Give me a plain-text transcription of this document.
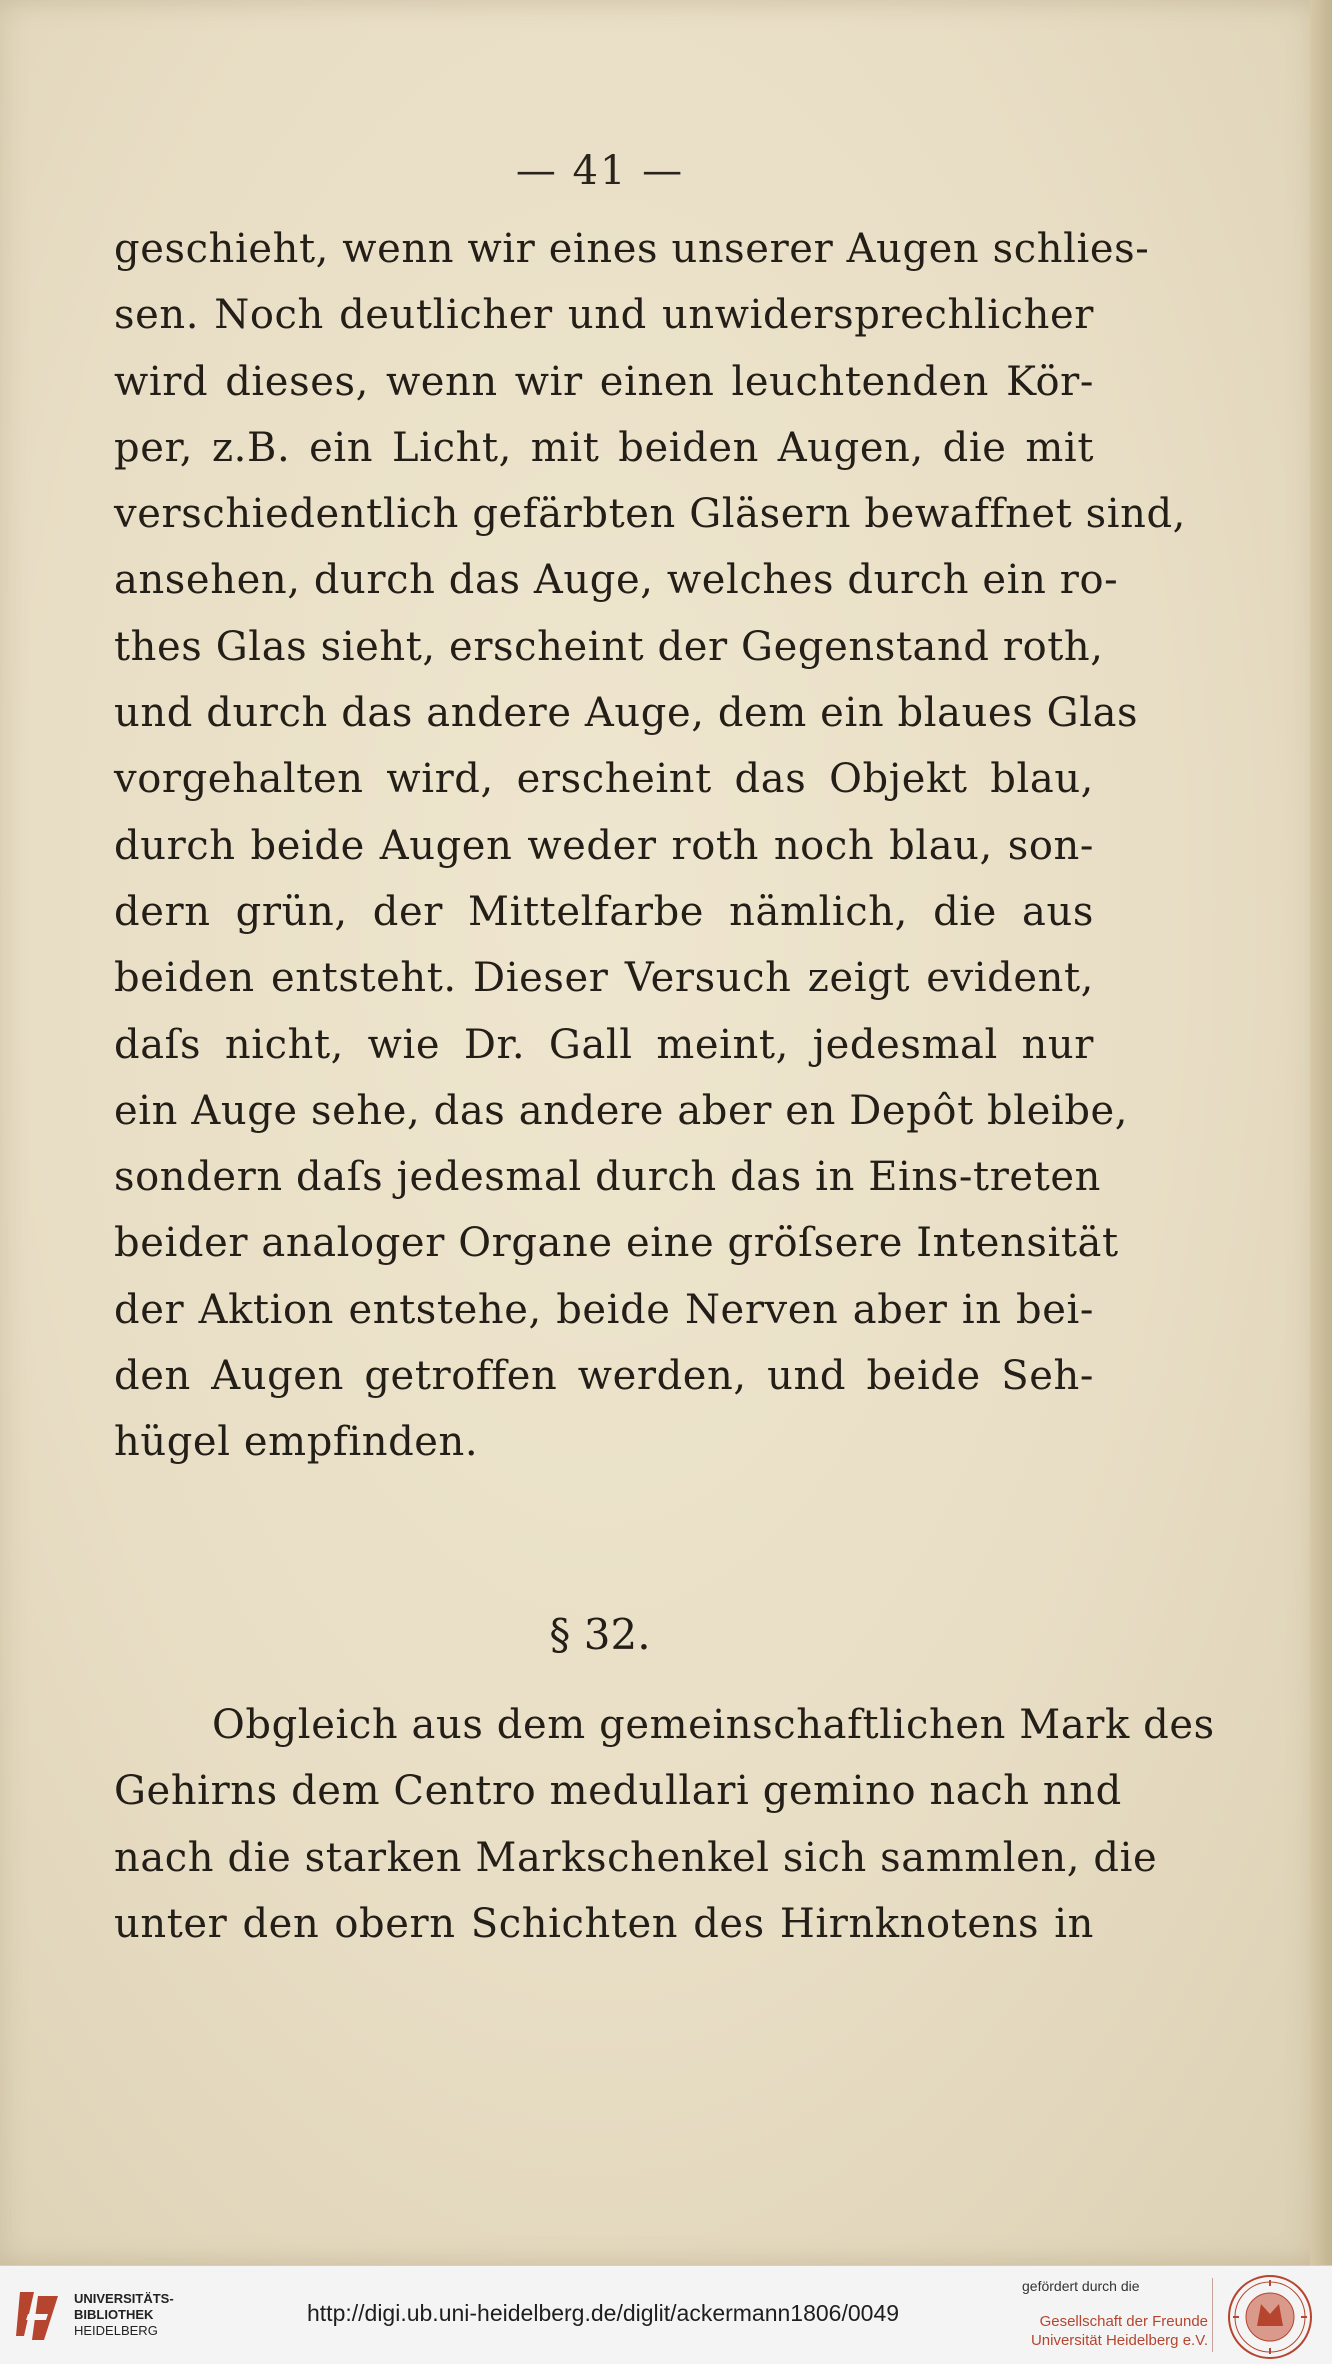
— 41 —
geschieht, wenn wir eines unserer Augen schlies-
sen. Noch deutlicher und unwidersprechlicher
wird dieses, wenn wir einen leuchtenden Kör-
per, z.B. ein Licht, mit beiden Augen, die mit
verschiedentlich gefärbten Gläsern bewaffnet sind,
ansehen, durch das Auge, welches durch ein ro-
thes Glas sieht, erscheint der Gegenstand roth,
und durch das andere Auge, dem ein blaues Glas
vorgehalten wird, erscheint das Objekt blau,
durch beide Augen weder roth noch blau, son-
dern grün, der Mittelfarbe nämlich, die aus
beiden entsteht. Dieser Versuch zeigt evident,
daſs nicht, wie Dr. Gall meint, jedesmal nur
ein Auge sehe, das andere aber en Depôt bleibe,
sondern daſs jedesmal durch das in Eins-treten
beider analoger Organe eine gröſsere Intensität
der Aktion entstehe, beide Nerven aber in bei-
den Augen getroffen werden, und beide Seh-
hügel empfinden.
§ 32.
Obgleich aus dem gemeinschaftlichen Mark des
Gehirns dem Centro medullari gemino nach nnd
nach die starken Markschenkel sich sammlen, die
unter den obern Schichten des Hirnknotens in
UNIVERSITÄTS-
BIBLIOTHEK
HEIDELBERG
http://digi.ub.uni-heidelberg.de/diglit/ackermann1806/0049
gefördert durch die
Gesellschaft der Freunde
Universität Heidelberg e.V.
